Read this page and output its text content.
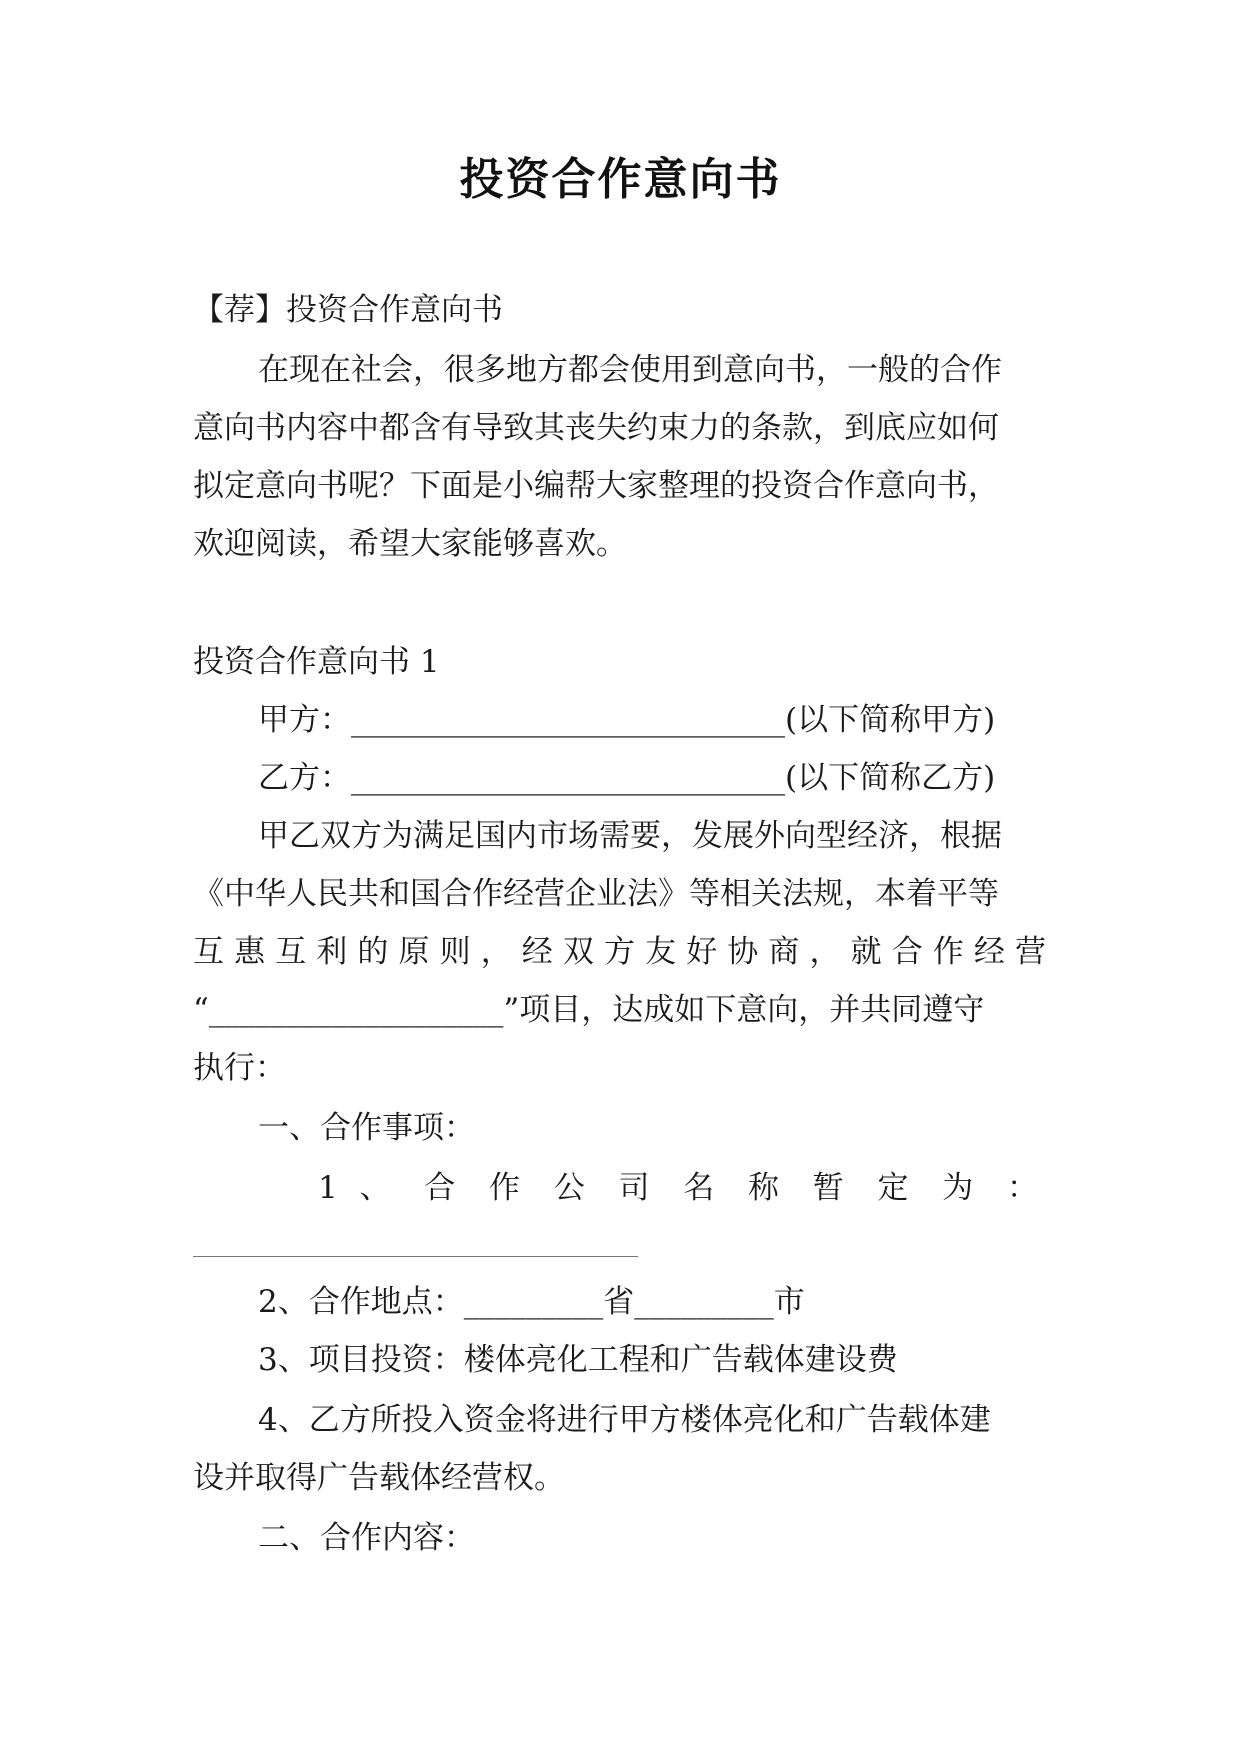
投资合作意向书
【荐】投资合作意向书
在现在社会，很多地方都会使用到意向书，一般的合作
意向书内容中都含有导致其丧失约束力的条款，到底应如何
拟定意向书呢？下面是小编帮大家整理的投资合作意向书，
欢迎阅读，希望大家能够喜欢。
投资合作意向书 1
甲方：____________________________(以下简称甲方)
乙方：____________________________(以下简称乙方)
甲乙双方为满足国内市场需要，发展外向型经济，根据
《中华人民共和国合作经营企业法》等相关法规，本着平等
互惠互利的原则，经双方友好协商，就合作经营
“___________________”项目，达成如下意向，并共同遵守
执行：
一、合作事项：
1 、 合 作 公 司 名 称 暂 定 为 ：
2、合作地点：_________省_________市
3、项目投资：楼体亮化工程和广告载体建设费
4、乙方所投入资金将进行甲方楼体亮化和广告载体建
设并取得广告载体经营权。
二、合作内容：
